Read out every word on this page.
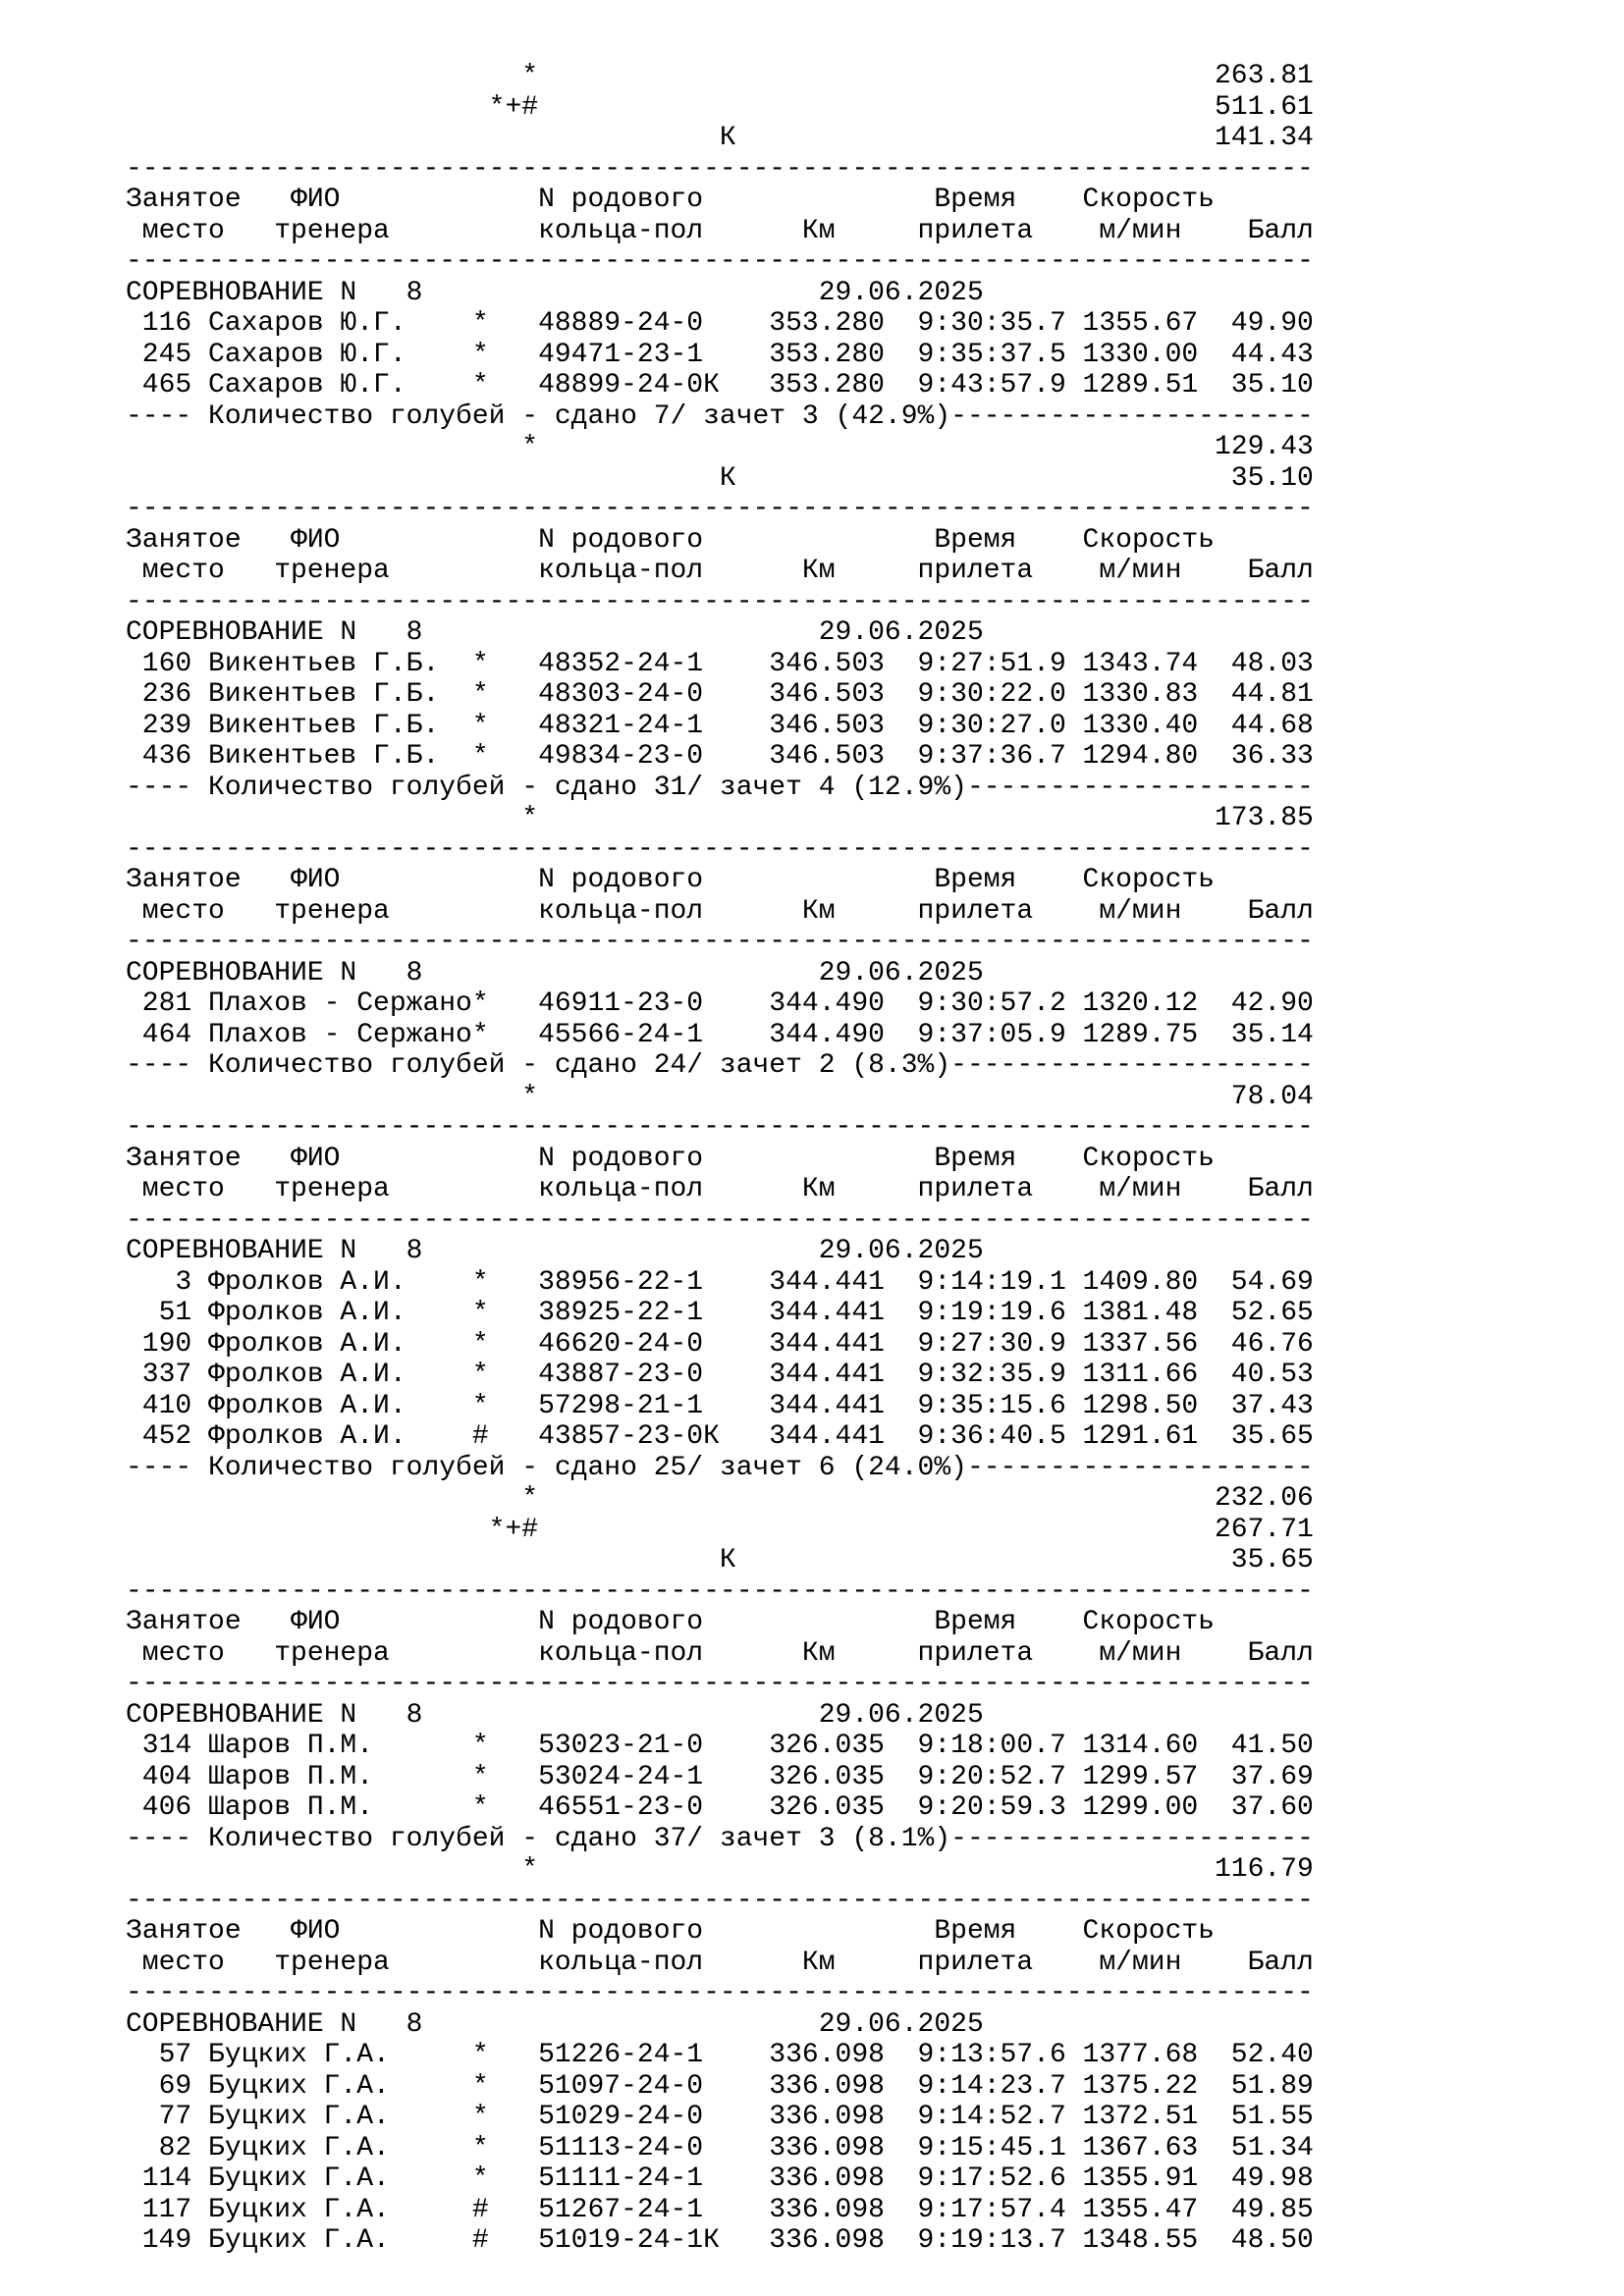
*                                         263.81
*+#                                         511.61
К                             141.34
------------------------------------------------------------------------
Занятое   ФИО            N родового              Время    Скорость
место   тренера         кольца-пол      Км     прилета    м/мин    Балл
------------------------------------------------------------------------
СОРЕВНОВАНИЕ N   8                        29.06.2025
116 Сахаров Ю.Г.    *   48889-24-0    353.280  9:30:35.7 1355.67  49.90
245 Сахаров Ю.Г.    *   49471-23-1    353.280  9:35:37.5 1330.00  44.43
465 Сахаров Ю.Г.    *   48899-24-0К   353.280  9:43:57.9 1289.51  35.10
---- Количество голубей - сдано 7/ зачет 3 (42.9%)----------------------
*                                         129.43
К                              35.10
------------------------------------------------------------------------
Занятое   ФИО            N родового              Время    Скорость
место   тренера         кольца-пол      Км     прилета    м/мин    Балл
------------------------------------------------------------------------
СОРЕВНОВАНИЕ N   8                        29.06.2025
160 Викентьев Г.Б.  *   48352-24-1    346.503  9:27:51.9 1343.74  48.03
236 Викентьев Г.Б.  *   48303-24-0    346.503  9:30:22.0 1330.83  44.81
239 Викентьев Г.Б.  *   48321-24-1    346.503  9:30:27.0 1330.40  44.68
436 Викентьев Г.Б.  *   49834-23-0    346.503  9:37:36.7 1294.80  36.33
---- Количество голубей - сдано 31/ зачет 4 (12.9%)---------------------
*                                         173.85
------------------------------------------------------------------------
Занятое   ФИО            N родового              Время    Скорость
место   тренера         кольца-пол      Км     прилета    м/мин    Балл
------------------------------------------------------------------------
СОРЕВНОВАНИЕ N   8                        29.06.2025
281 Плахов - Сержано*   46911-23-0    344.490  9:30:57.2 1320.12  42.90
464 Плахов - Сержано*   45566-24-1    344.490  9:37:05.9 1289.75  35.14
---- Количество голубей - сдано 24/ зачет 2 (8.3%)----------------------
*                                          78.04
------------------------------------------------------------------------
Занятое   ФИО            N родового              Время    Скорость
место   тренера         кольца-пол      Км     прилета    м/мин    Балл
------------------------------------------------------------------------
СОРЕВНОВАНИЕ N   8                        29.06.2025
3 Фролков А.И.    *   38956-22-1    344.441  9:14:19.1 1409.80  54.69
51 Фролков А.И.    *   38925-22-1    344.441  9:19:19.6 1381.48  52.65
190 Фролков А.И.    *   46620-24-0    344.441  9:27:30.9 1337.56  46.76
337 Фролков А.И.    *   43887-23-0    344.441  9:32:35.9 1311.66  40.53
410 Фролков А.И.    *   57298-21-1    344.441  9:35:15.6 1298.50  37.43
452 Фролков А.И.    #   43857-23-0К   344.441  9:36:40.5 1291.61  35.65
---- Количество голубей - сдано 25/ зачет 6 (24.0%)---------------------
*                                         232.06
*+#                                         267.71
К                              35.65
------------------------------------------------------------------------
Занятое   ФИО            N родового              Время    Скорость
место   тренера         кольца-пол      Км     прилета    м/мин    Балл
------------------------------------------------------------------------
СОРЕВНОВАНИЕ N   8                        29.06.2025
314 Шаров П.М.      *   53023-21-0    326.035  9:18:00.7 1314.60  41.50
404 Шаров П.М.      *   53024-24-1    326.035  9:20:52.7 1299.57  37.69
406 Шаров П.М.      *   46551-23-0    326.035  9:20:59.3 1299.00  37.60
---- Количество голубей - сдано 37/ зачет 3 (8.1%)----------------------
*                                         116.79
------------------------------------------------------------------------
Занятое   ФИО            N родового              Время    Скорость
место   тренера         кольца-пол      Км     прилета    м/мин    Балл
------------------------------------------------------------------------
СОРЕВНОВАНИЕ N   8                        29.06.2025
57 Буцких Г.А.     *   51226-24-1    336.098  9:13:57.6 1377.68  52.40
69 Буцких Г.А.     *   51097-24-0    336.098  9:14:23.7 1375.22  51.89
77 Буцких Г.А.     *   51029-24-0    336.098  9:14:52.7 1372.51  51.55
82 Буцких Г.А.     *   51113-24-0    336.098  9:15:45.1 1367.63  51.34
114 Буцких Г.А.     *   51111-24-1    336.098  9:17:52.6 1355.91  49.98
117 Буцких Г.А.     #   51267-24-1    336.098  9:17:57.4 1355.47  49.85
149 Буцких Г.А.     #   51019-24-1К   336.098  9:19:13.7 1348.55  48.50
